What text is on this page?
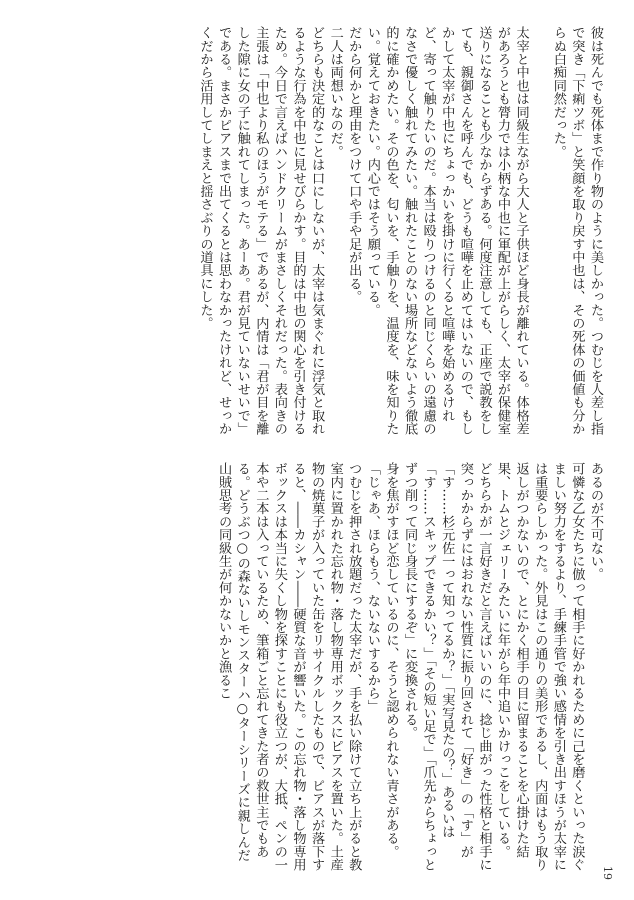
彼は死んでも死体まで作り物のように美しかった。つむじを人差し指で突き「下痢ツボ」と笑顔を取り戻す中也は、その死体の価値も分からぬ白痴同然だった。

太宰と中也は同級生ながら大人と子供ほど身長が離れている。体格差があろうとも膂力では小柄な中也に軍配が上がらしく、太宰が保健室送りになることも少なからずある。何度注意しても、正座で説教をしても、親御さんを呼んでも、どうも喧嘩を止めてはいないので、もしかして太宰が中也にちょっかいを掛けに行くると喧嘩を始めるけれど、寄って触りたいのだ。本当は殴りつけるのと同じくらいの遠慮のなさで優しく触れてみたい。触れたことのない場所などないよう徹底的に確かめたい。その色を、匂いを、手触りを、温度を、味を知りたい。覚えておきたい。内心ではそう願っている。
だから何かと理由をつけて口や手や足が出る。
二人は両想いなのだ。
どちらも決定的なことは口にしないが、太宰は気まぐれに浮気と取れるような行為を中也に見せびらかす。目的は中也の関心を引き付けるため。今日で言えばハンドクリームがまさしくそれだった。表向きの主張は「中也より私のほうがモテる」であるが、内情は「君が目を離した隙に女の子に触れてしまった。あーあ。君が見ていないせいで」である。まさかピアスまで出てくるとは思わなかったけれど、せっかくだから活用してしまえと揺さぶりの道具にした。
あるのが不可ない。
可憐な乙女たちに倣って相手に好かれるために己を磨くといった涙ぐましい努力をするより、手練手管で強い感情を引き出すほうが太宰には重要らしかった。外見はこの通りの美形であるし、内面はもう取り返しがつかないので、とにかく相手の目に留まることを心掛けた結果、トムとジェリーみたいに年がら年中追いかけっこをしている。
どちらかが一言好きだと言えばいいのに、捻じ曲がった性格と相手に突っかからずにはおれない性質に振り回されて「好き」の「す」が「す……杉元佐一って知ってるか？」「実写見たの？」あるいは「す……スキップできるかい？」「その短い足で」「爪先からちょっとずつ削って同じ身長にするぞ」に変換される。
身を焦がすほど恋しているのに、そうと認められない青さがある。
「じゃあ、ほらもう、ないないするから」
つむじを押され放題だった太宰だが、手を払い除けて立ち上がると教室内に置かれた忘れ物・落し物専用ボックスにピアスを置いた。土産物の焼菓子が入っていた缶をリサイクルしたもので、ピアスが落下すると、――カシャン――硬質な音が響いた。この忘れ物・落し物専用ボックスは本当に失くし物を探すことにも役立つが、大抵、ペンの一本や二本は入っているため、筆箱ごと忘れてきた者の救世主でもある。どうぶつ○の森ないしモンスターハ○ターシリーズに親しんだ山賊思考の同級生が何かないかと漁るこ
19
